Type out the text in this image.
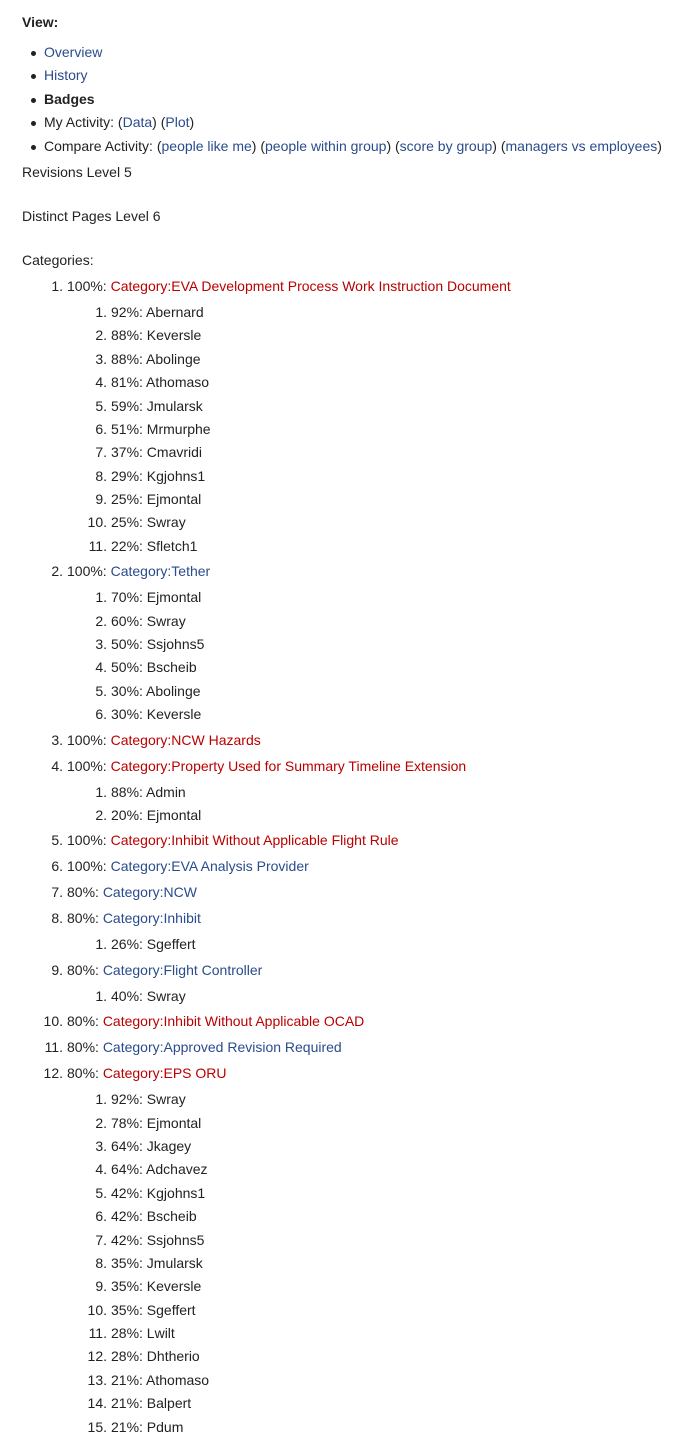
View:
Overview
History
Badges
My Activity: (Data) (Plot)
Compare Activity: (people like me) (people within group) (score by group) (managers vs employees)

Revisions Level 5

Distinct Pages Level 6

Categories:

1. 100%: Category:EVA Development Process Work Instruction Document
1. 92%: Abernard
2. 88%: Keversle
3. 88%: Abolinge
4. 81%: Athomaso
5. 59%: Jmularsk
6. 51%: Mrmurphe
7. 37%: Cmavridi
8. 29%: Kgjohns1
9. 25%: Ejmontal
10. 25%: Swray
11. 22%: Sfletch1
2. 100%: Category:Tether
1. 70%: Ejmontal
2. 60%: Swray
3. 50%: Ssjohns5
4. 50%: Bscheib
5. 30%: Abolinge
6. 30%: Keversle
3. 100%: Category:NCW Hazards
4. 100%: Category:Property Used for Summary Timeline Extension
1. 88%: Admin
2. 20%: Ejmontal
5. 100%: Category:Inhibit Without Applicable Flight Rule
6. 100%: Category:EVA Analysis Provider
7. 80%: Category:NCW
8. 80%: Category:Inhibit
1. 26%: Sgeffert
9. 80%: Category:Flight Controller
1. 40%: Swray
10. 80%: Category:Inhibit Without Applicable OCAD
11. 80%: Category:Approved Revision Required
12. 80%: Category:EPS ORU
1. 92%: Swray
2. 78%: Ejmontal
3. 64%: Jkagey
4. 64%: Adchavez
5. 42%: Kgjohns1
6. 42%: Bscheib
7. 42%: Ssjohns5
8. 35%: Jmularsk
9. 35%: Keversle
10. 35%: Sgeffert
11. 28%: Lwilt
12. 28%: Dhtherio
13. 21%: Athomaso
14. 21%: Balpert
15. 21%: Pdum
